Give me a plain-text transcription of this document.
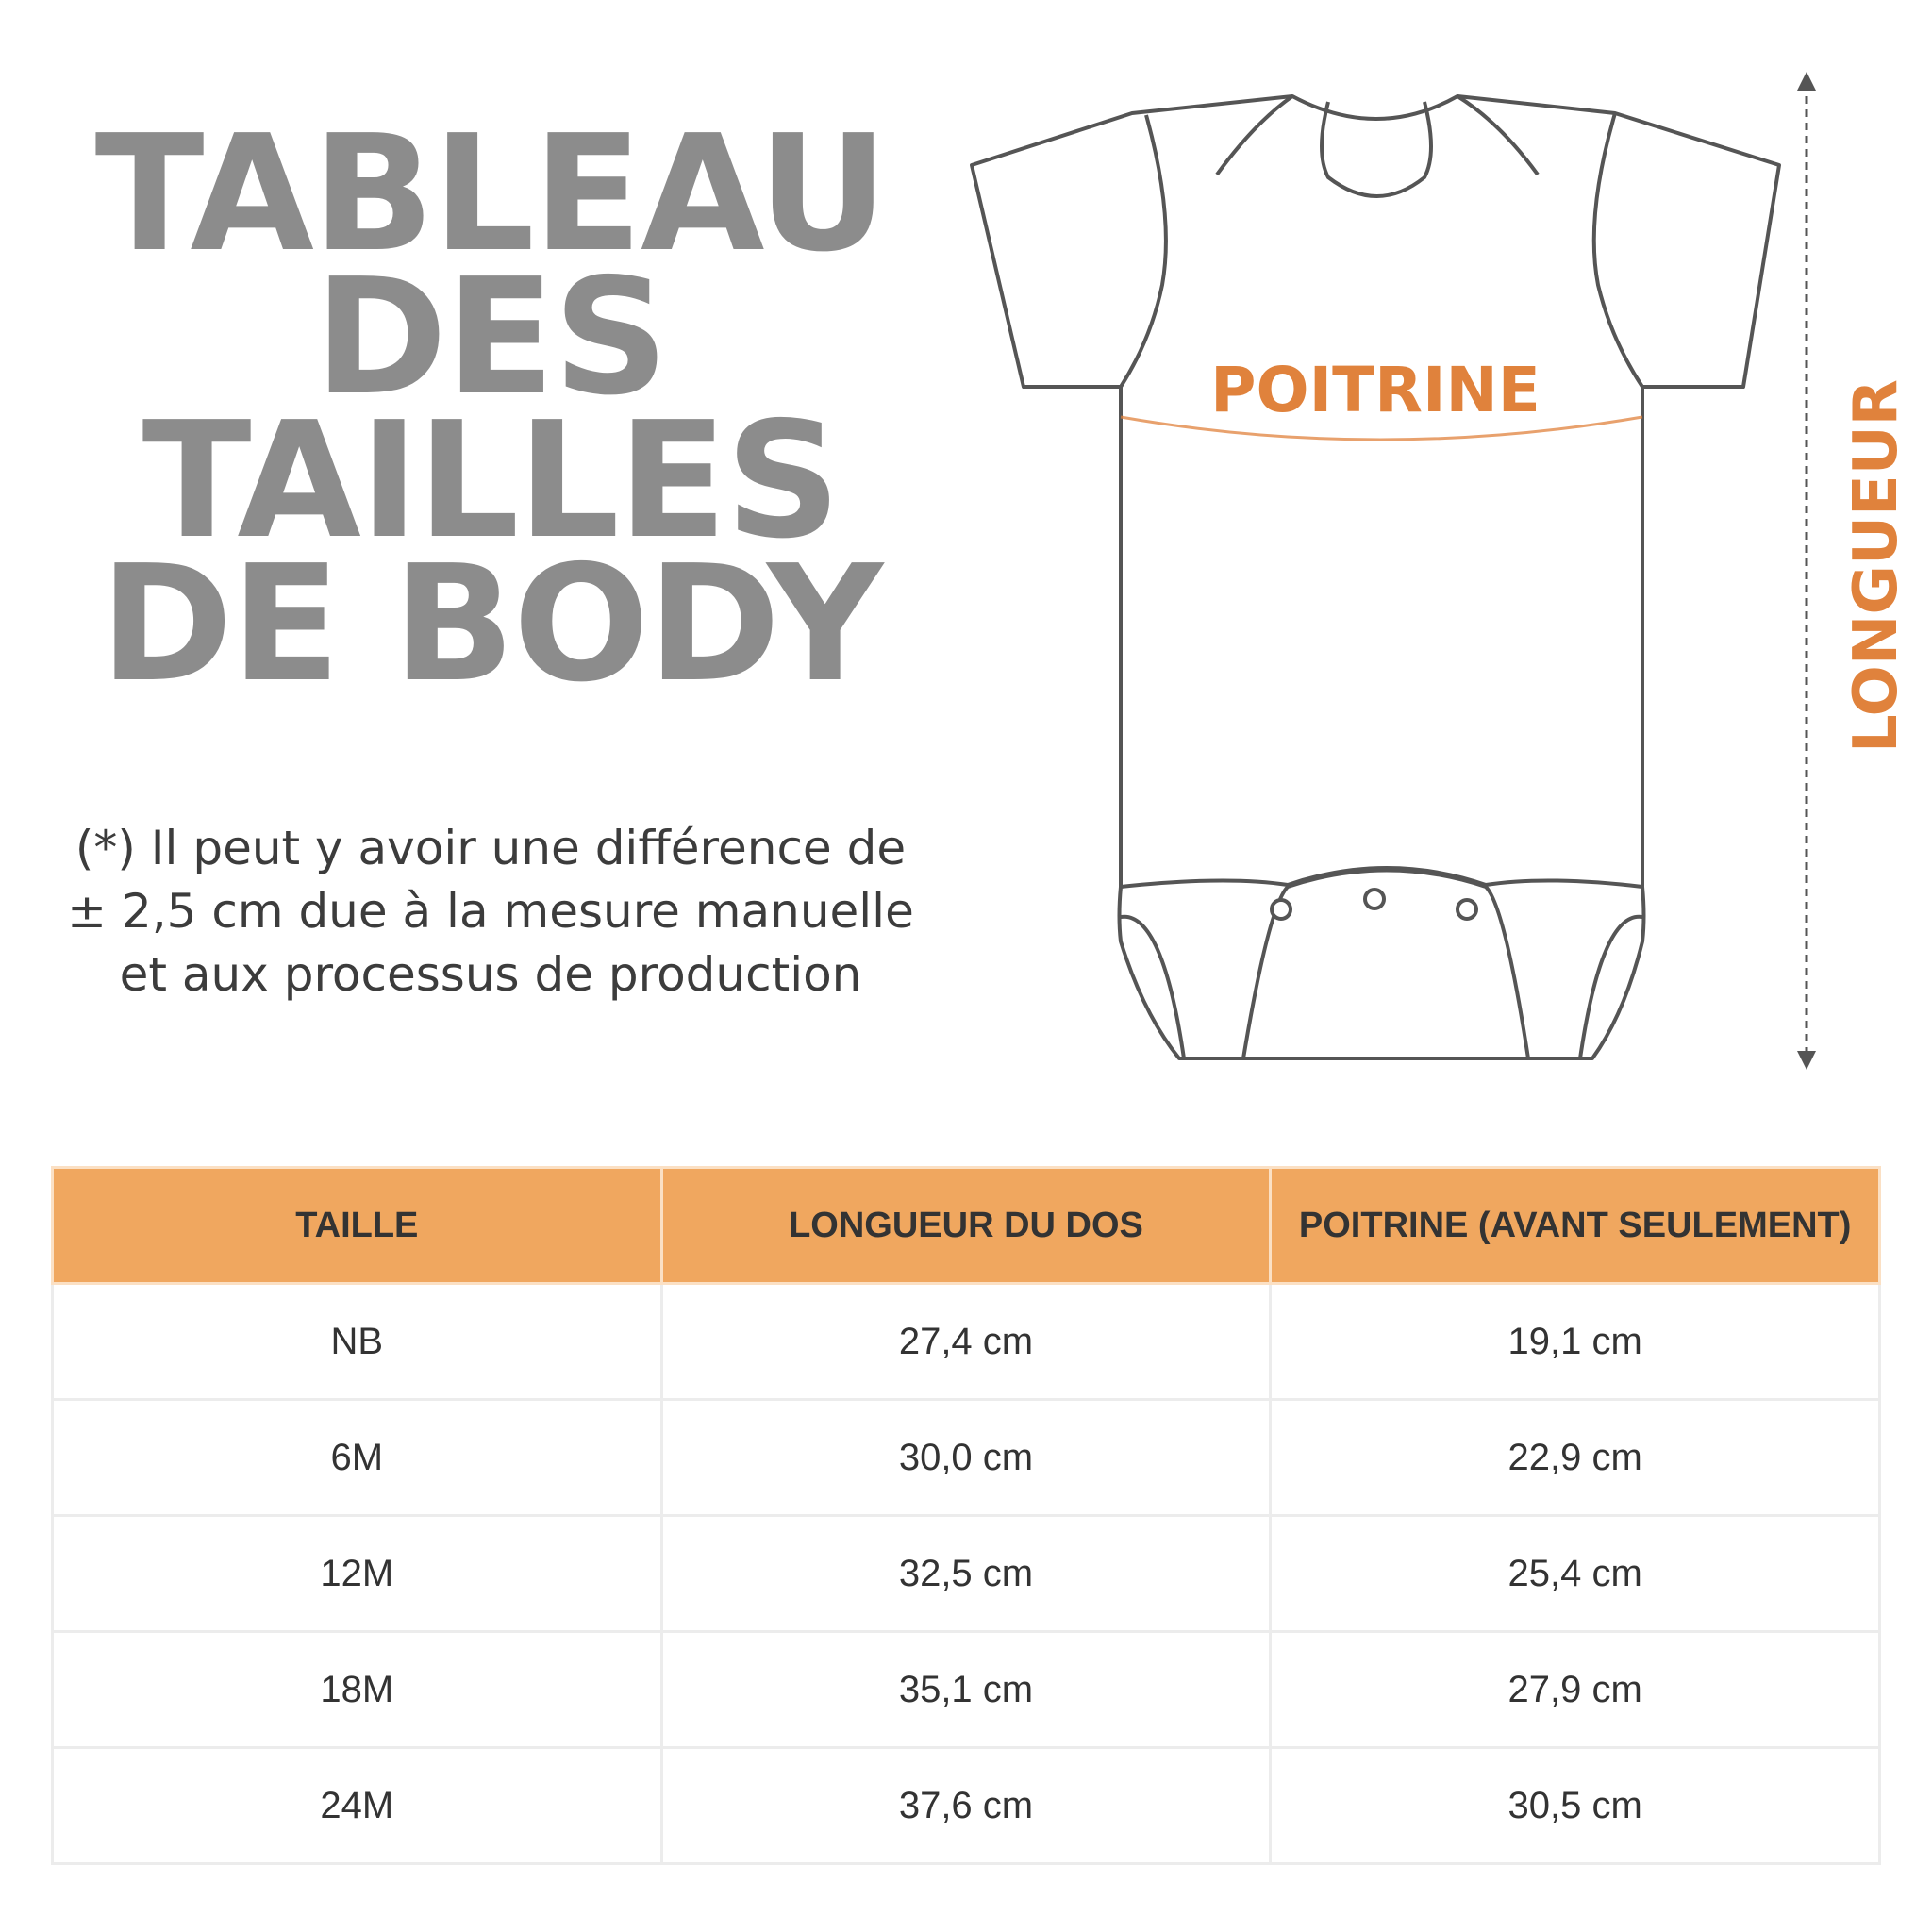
TABLEAU
DES
TAILLES
DE BODY

(*) Il peut y avoir une différence de ± 2,5 cm due à la mesure manuelle et aux processus de production

POITRINE	LONGUEUR
TAILLE	LONGUEUR DU DOS	POITRINE (AVANT SEULEMENT)
NB	27,4 cm	19,1 cm
6M	30,0 cm	22,9 cm
12M	32,5 cm	25,4 cm
18M	35,1 cm	27,9 cm
24M	37,6 cm	30,5 cm
